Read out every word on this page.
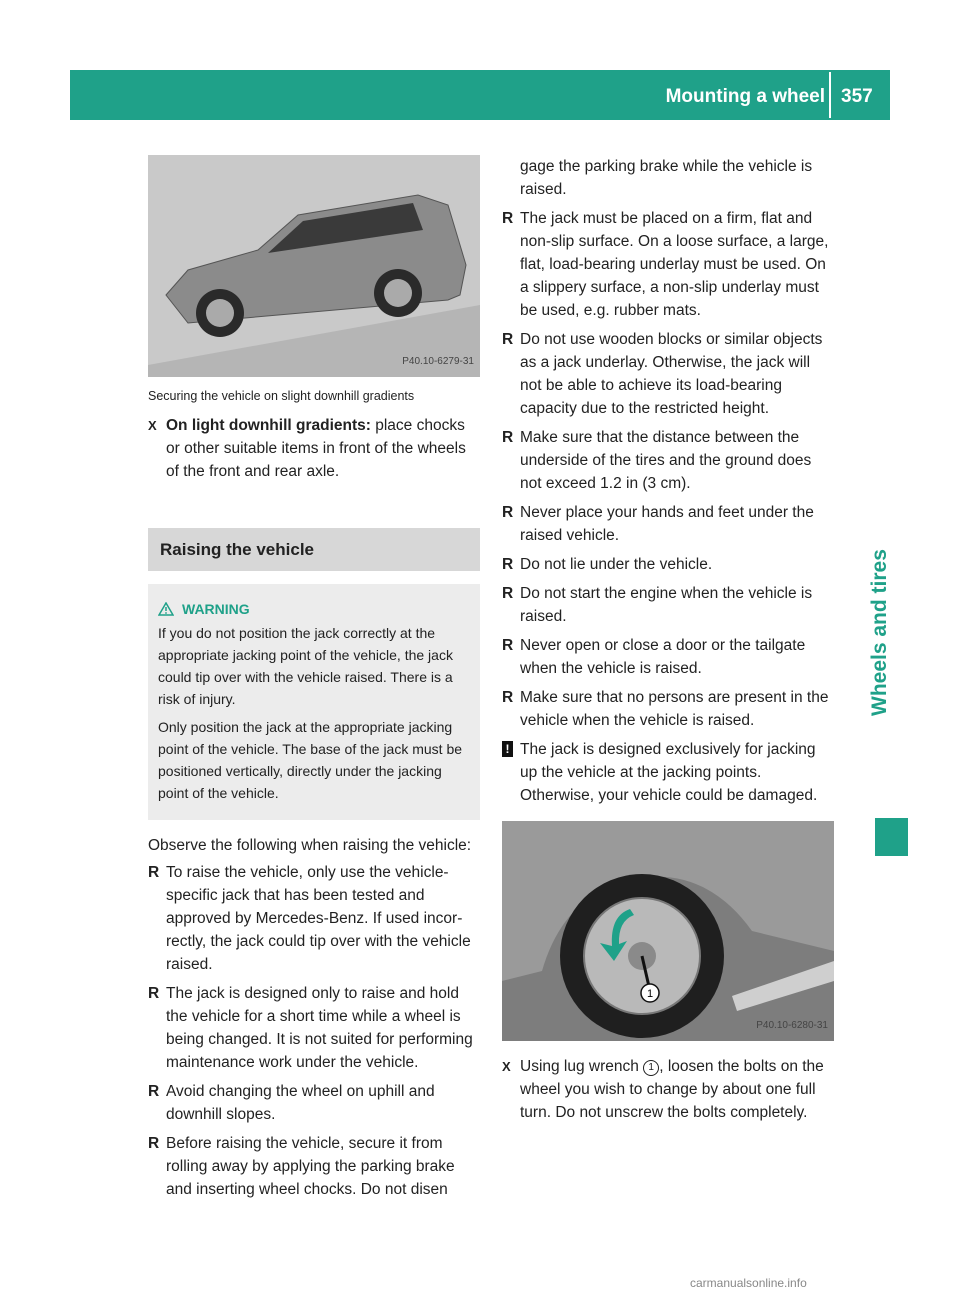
Mounting a wheel 357
Wheels and tires
P40.10-6279-31
Securing the vehicle on slight downhill gradients

X On light downhill gradients: place chocks or other suitable items in front of the wheels of the front and rear axle.

Raising the vehicle
WARNING

If you do not position the jack correctly at the appropriate jacking point of the vehicle, the jack could tip over with the vehicle raised. There is a risk of injury.

Only position the jack at the appropriate jacking point of the vehicle. The base of the jack must be positioned vertically, directly under the jacking point of the vehicle.

Observe the following when raising the vehicle:

R To raise the vehicle, only use the vehicle-specific jack that has been tested and approved by Mercedes-Benz. If used incorrectly, the jack could tip over with the vehicle raised.
R The jack is designed only to raise and hold the vehicle for a short time while a wheel is being changed. It is not suited for performing maintenance work under the vehicle.
R Avoid changing the wheel on uphill and downhill slopes.
R Before raising the vehicle, secure it from rolling away by applying the parking brake and inserting wheel chocks. Do not disen

gage the parking brake while the vehicle is raised.

R The jack must be placed on a firm, flat and non-slip surface. On a loose surface, a large, flat, load-bearing underlay must be used. On a slippery surface, a non-slip underlay must be used, e.g. rubber mats.
R Do not use wooden blocks or similar objects as a jack underlay. Otherwise, the jack will not be able to achieve its load-bearing capacity due to the restricted height.
R Make sure that the distance between the underside of the tires and the ground does not exceed 1.2 in (3 cm).
R Never place your hands and feet under the raised vehicle.
R Do not lie under the vehicle.
R Do not start the engine when the vehicle is raised.
R Never open or close a door or the tailgate when the vehicle is raised.
R Make sure that no persons are present in the vehicle when the vehicle is raised.

! The jack is designed exclusively for jacking up the vehicle at the jacking points. Otherwise, your vehicle could be damaged.

1
P40.10-6280-31

X Using lug wrench 1 , loosen the bolts on the wheel you wish to change by about one full turn. Do not unscrew the bolts completely.

carmanualsonline.info
